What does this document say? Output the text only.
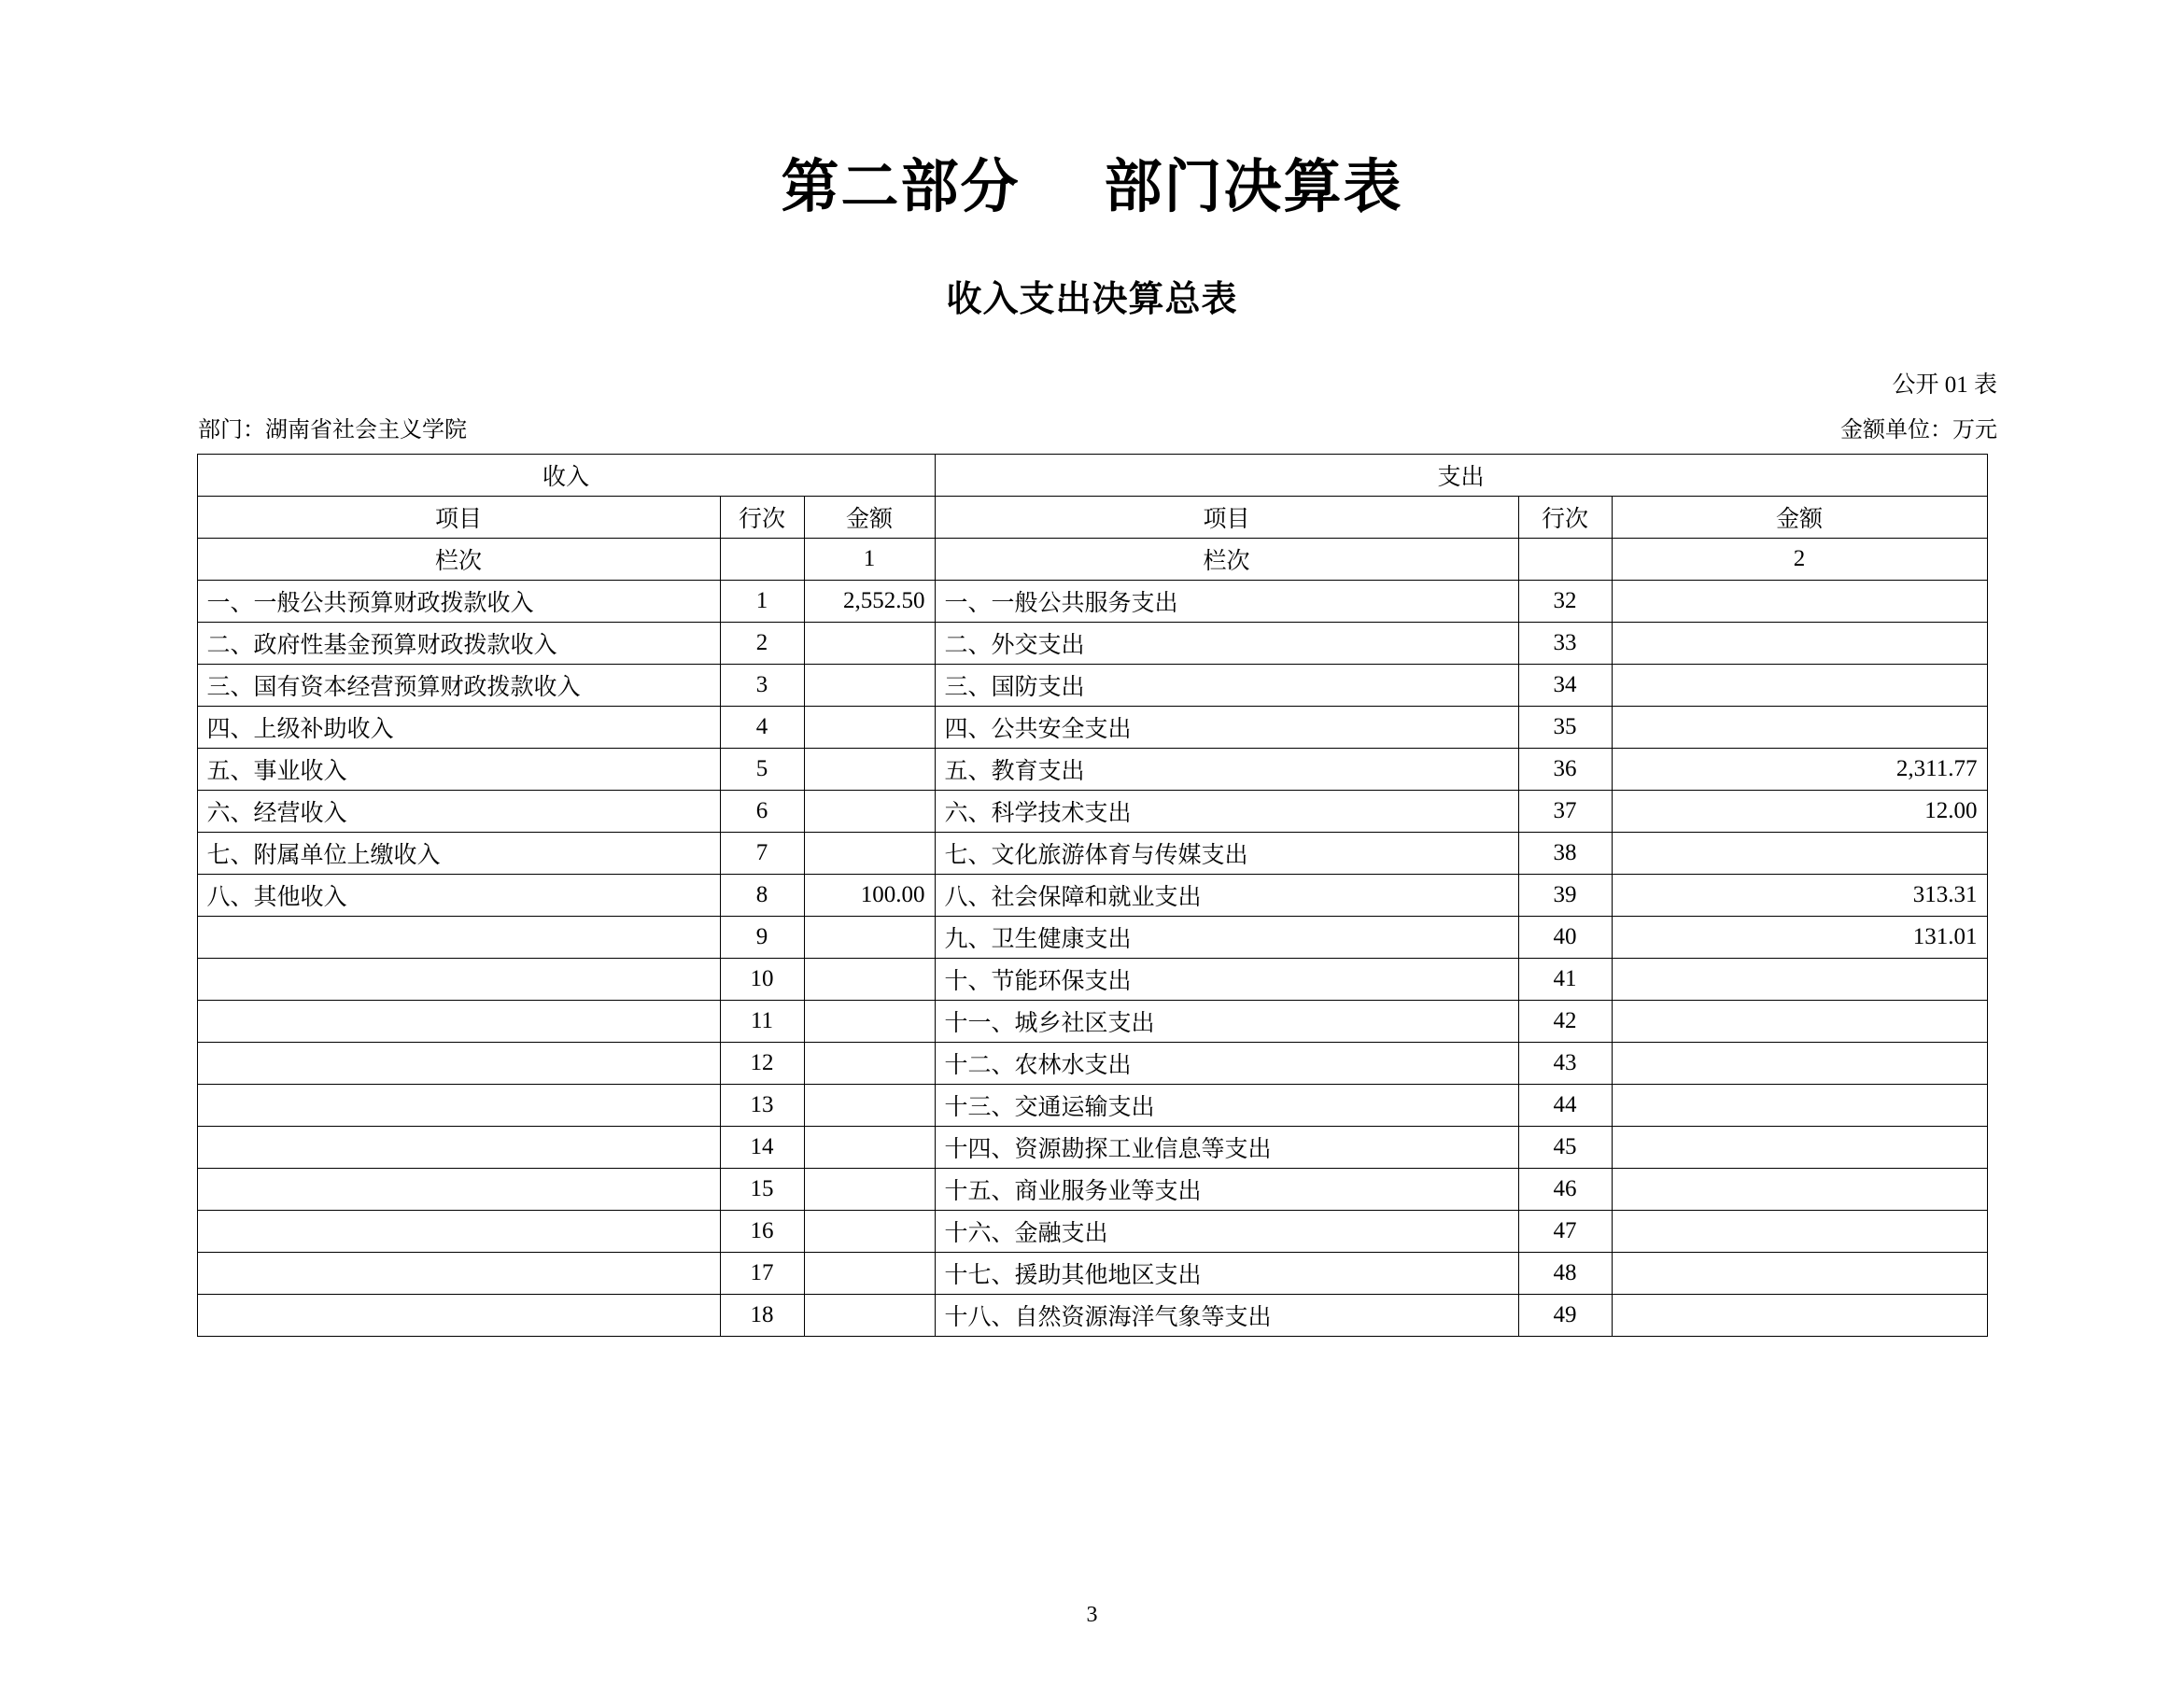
第二部分 部门决算表
收入支出决算总表
公开 01 表
部门：湖南省社会主义学院	金额单位：万元
收入			支出		
项目	行次	金额	项目	行次	金额
栏次		1	栏次		2
一、一般公共预算财政拨款收入	1	2,552.50	一、一般公共服务支出	32	
二、政府性基金预算财政拨款收入	2		二、外交支出	33	
三、国有资本经营预算财政拨款收入	3		三、国防支出	34	
四、上级补助收入	4		四、公共安全支出	35	
五、事业收入	5		五、教育支出	36	2,311.77
六、经营收入	6		六、科学技术支出	37	12.00
七、附属单位上缴收入	7		七、文化旅游体育与传媒支出	38	
八、其他收入	8	100.00	八、社会保障和就业支出	39	313.31
	9		九、卫生健康支出	40	131.01
	10		十、节能环保支出	41	
	11		十一、城乡社区支出	42	
	12		十二、农林水支出	43	
	13		十三、交通运输支出	44	
	14		十四、资源勘探工业信息等支出	45	
	15		十五、商业服务业等支出	46	
	16		十六、金融支出	47	
	17		十七、援助其他地区支出	48	
	18		十八、自然资源海洋气象等支出	49	
3
